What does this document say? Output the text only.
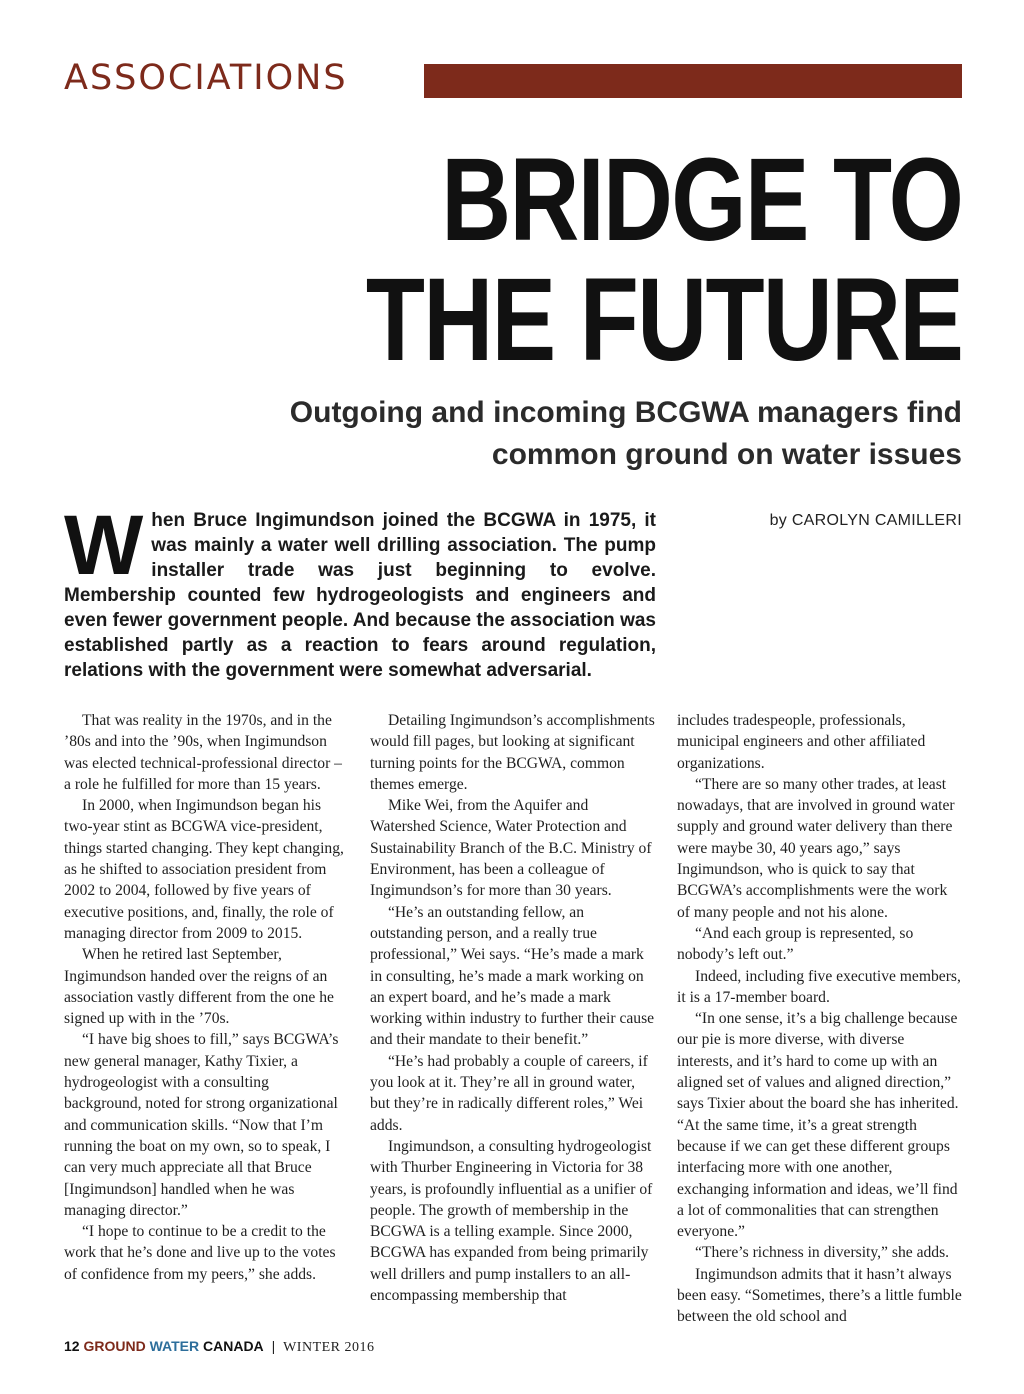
ASSOCIATIONS
BRIDGE TO
THE FUTURE
Outgoing and incoming BCGWA managers find
common ground on water issues
by CAROLYN CAMILLERI
When Bruce Ingimundson joined the BCGWA in 1975, it was mainly a water well drilling association. The pump installer trade was just beginning to evolve. Membership counted few hydrogeologists and engineers and even fewer government people. And because the association was established partly as a reaction to fears around regulation, relations with the government were somewhat adversarial.

That was reality in the 1970s, and in the ’80s and into the ’90s, when Ingimundson was elected technical-professional director – a role he fulfilled for more than 15 years.

In 2000, when Ingimundson began his two-year stint as BCGWA vice-president, things started changing. They kept changing, as he shifted to association president from 2002 to 2004, followed by five years of executive positions, and, finally, the role of managing director from 2009 to 2015.

When he retired last September, Ingimundson handed over the reigns of an association vastly different from the one he signed up with in the ’70s.

“I have big shoes to fill,” says BCGWA’s new general manager, Kathy Tixier, a hydrogeologist with a consulting background, noted for strong organizational and communication skills. “Now that I’m running the boat on my own, so to speak, I can very much appreciate all that Bruce [Ingimundson] handled when he was managing director.”

“I hope to continue to be a credit to the work that he’s done and live up to the votes of confidence from my peers,” she adds.

Detailing Ingimundson’s accomplishments would fill pages, but looking at significant turning points for the BCGWA, common themes emerge.

Mike Wei, from the Aquifer and Watershed Science, Water Protection and Sustainability Branch of the B.C. Ministry of Environment, has been a colleague of Ingimundson’s for more than 30 years.

“He’s an outstanding fellow, an outstanding person, and a really true professional,” Wei says. “He’s made a mark in consulting, he’s made a mark working on an expert board, and he’s made a mark working within industry to further their cause and their mandate to their benefit.”

“He’s had probably a couple of careers, if you look at it. They’re all in ground water, but they’re in radically different roles,” Wei adds.

Ingimundson, a consulting hydrogeologist with Thurber Engineering in Victoria for 38 years, is profoundly influential as a unifier of people. The growth of membership in the BCGWA is a telling example. Since 2000, BCGWA has expanded from being primarily well drillers and pump installers to an all-encompassing membership that

includes tradespeople, professionals, municipal engineers and other affiliated organizations.

“There are so many other trades, at least nowadays, that are involved in ground water supply and ground water delivery than there were maybe 30, 40 years ago,” says Ingimundson, who is quick to say that BCGWA’s accomplishments were the work of many people and not his alone.

“And each group is represented, so nobody’s left out.”

Indeed, including five executive members, it is a 17-member board.

“In one sense, it’s a big challenge because our pie is more diverse, with diverse interests, and it’s hard to come up with an aligned set of values and aligned direction,” says Tixier about the board she has inherited. “At the same time, it’s a great strength because if we can get these different groups interfacing more with one another, exchanging information and ideas, we’ll find a lot of commonalities that can strengthen everyone.”

“There’s richness in diversity,” she adds.

Ingimundson admits that it hasn’t always been easy. “Sometimes, there’s a little fumble between the old school and

12 GROUND WATER CANADA | WINTER 2016
